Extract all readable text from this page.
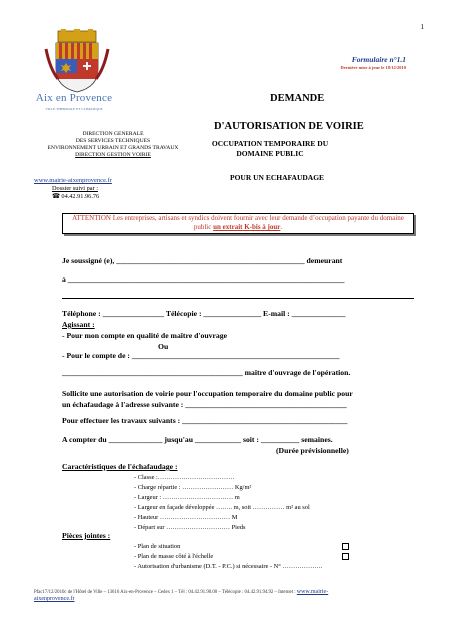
1
Aix en Provence
VILLE THERMALE ET CLIMATIQUE
Formulaire n°1.1
Dernière mise à jour le 18/12/2010
DEMANDE
D'AUTORISATION DE VOIRIE
OCCUPATION TEMPORAIRE DU DOMAINE PUBLIC
POUR UN ECHAFAUDAGE
DIRECTION GENERALE
DES SERVICES TECHNIQUES
ENVIRONNEMENT URBAIN ET GRANDS TRAVAUX
DIRECTION GESTION VOIRIE
www.mairie-aixenprovence.fr
Dossier suivi par :
☎ 04.42.91.96.76
ATTENTION Les entreprises, artisans et syndics doivent fournir avec leur demande d’occupation payante du domaine public un extrait K-bis à jour.
Je soussigné (e), _________________________________________________ demeurant
à ________________________________________________________________________
Téléphone : ________________ Télécopie : _______________ E-mail : ______________
Agissant :
- Pour mon compte en qualité de maître d'ouvrage
Ou
- Pour le compte de : ______________________________________________________
_______________________________________________ maître d'ouvrage de l'opération.
Sollicite une autorisation de voirie pour l'occupation temporaire du domaine public pour
un échafaudage à l'adresse suivante : __________________________________________
Pour effectuer les travaux suivants : ___________________________________________
A compter du ______________ jusqu'au ____________ soit : __________ semaines.
(Durée prévisionnelle)
Caractéristiques de l'échafaudage :
- Classe :………………………………
- Charge répartie : …………………… Kg/m²
- Largeur : …………………………… m
- Largeur en façade développée …….. m, soit …………… m² au sol
- Hauteur …………………………… M
- Départ sur ………………………… Pieds
Pièces jointes :
- Plan de situation
- Plan de masse côté à l'échelle
- Autorisation d'urbanisme (D.T. - P.C.) si nécessaire - N° ……………….
Pfac17/12/2010c de l'Hôtel de Ville – 13616 Aix-en-Provence – Cedex 1 – Tél : 04.42.91.90.00 – Télécopie : 04.42.91.94.92 – Internet : www.mairie-
aixenprovence.fr
